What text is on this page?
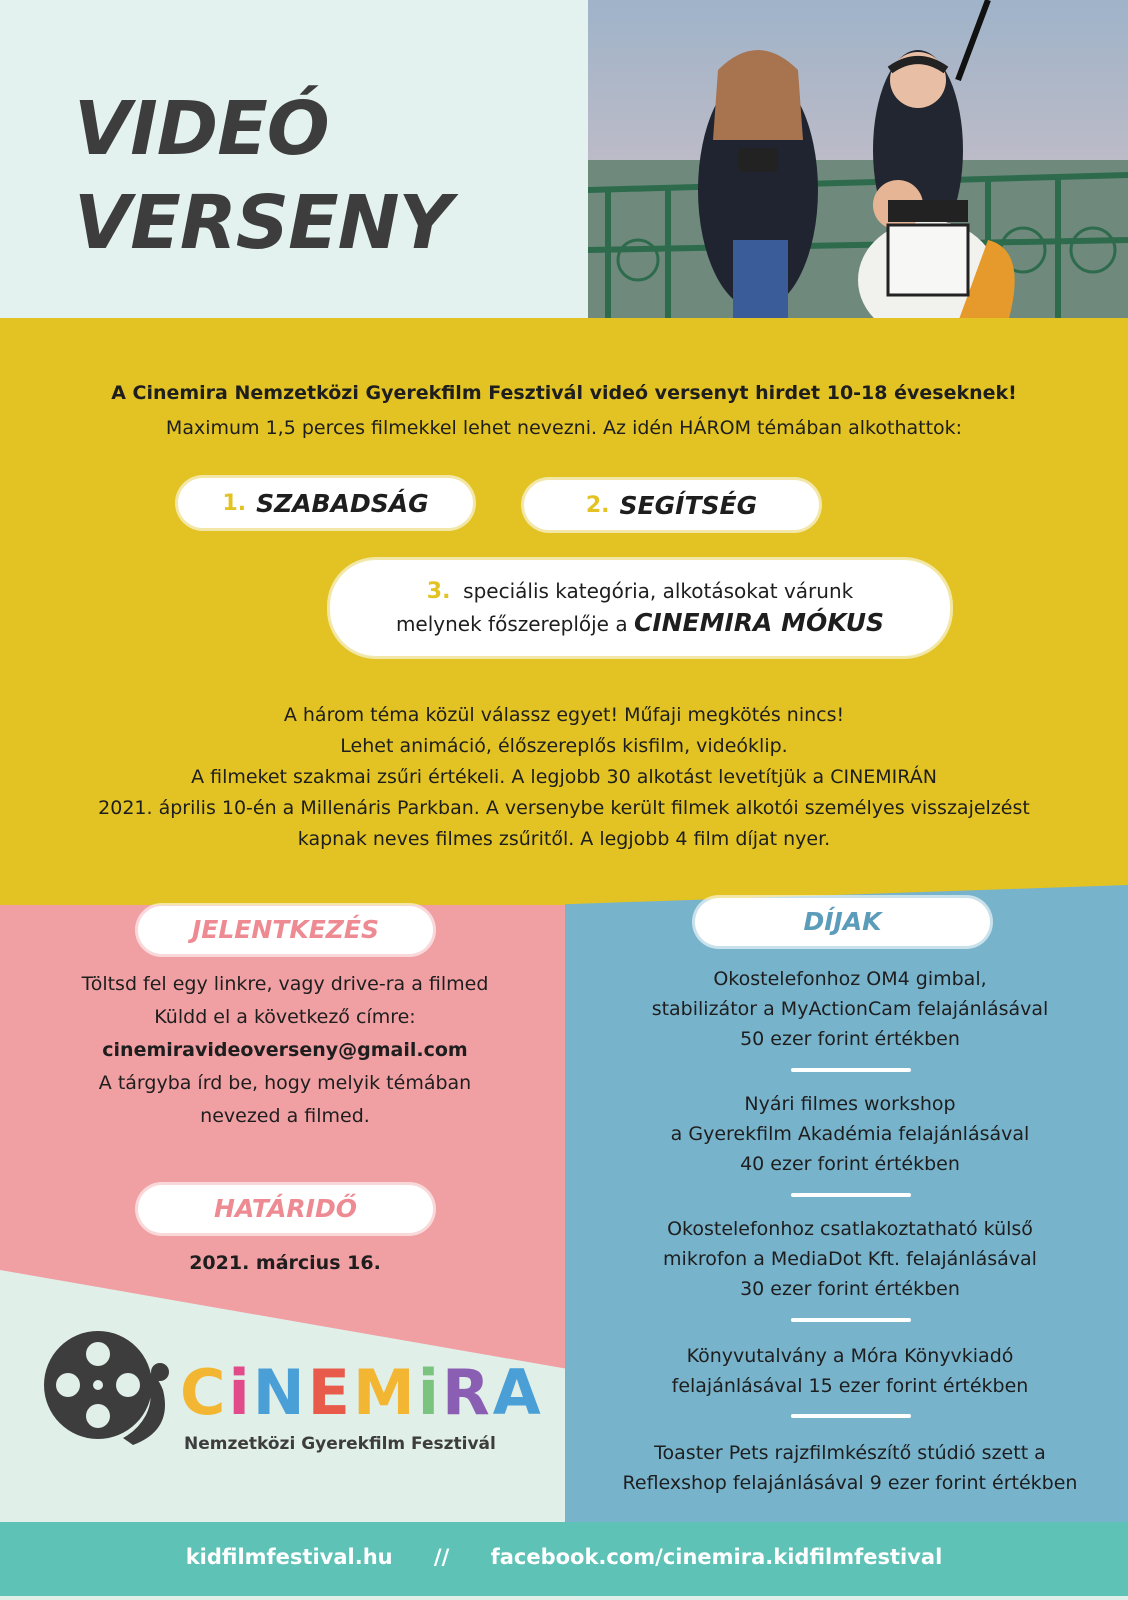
VIDEÓ
VERSENY
A Cinemira Nemzetközi Gyerekfilm Fesztivál videó versenyt hirdet 10-18 éveseknek!
Maximum 1,5 perces filmekkel lehet nevezni. Az idén HÁROM témában alkothattok:
1. SZABADSÁG	2. SEGÍTSÉG
3. speciális kategória, alkotásokat várunk
melynek főszereplője a CINEMIRA MÓKUS
A három téma közül válassz egyet! Műfaji megkötés nincs!
Lehet animáció, élőszereplős kisfilm, videóklip.
A filmeket szakmai zsűri értékeli. A legjobb 30 alkotást levetítjük a CINEMIRÁN
2021. április 10-én a Millenáris Parkban. A versenybe került filmek alkotói személyes visszajelzést
kapnak neves filmes zsűritől. A legjobb 4 film díjat nyer.
JELENTKEZÉS
Töltsd fel egy linkre, vagy drive-ra a filmed
Küldd el a következő címre:
cinemiravideoverseny@gmail.com
A tárgyba írd be, hogy melyik témában
nevezed a filmed.
HATÁRIDŐ
2021. március 16.
DÍJAK
Okostelefonhoz OM4 gimbal,
stabilizátor a MyActionCam felajánlásával
50 ezer forint értékben
Nyári filmes workshop
a Gyerekfilm Akadémia felajánlásával
40 ezer forint értékben
Okostelefonhoz csatlakoztatható külső
mikrofon a MediaDot Kft. felajánlásával
30 ezer forint értékben
Könyvutalvány a Móra Könyvkiadó
felajánlásával 15 ezer forint értékben
Toaster Pets rajzfilmkészítő stúdió szett a
Reflexshop felajánlásával 9 ezer forint értékben
CiNEMiRA
Nemzetközi Gyerekfilm Fesztivál
kidfilmfestival.hu // facebook.com/cinemira.kidfilmfestival
